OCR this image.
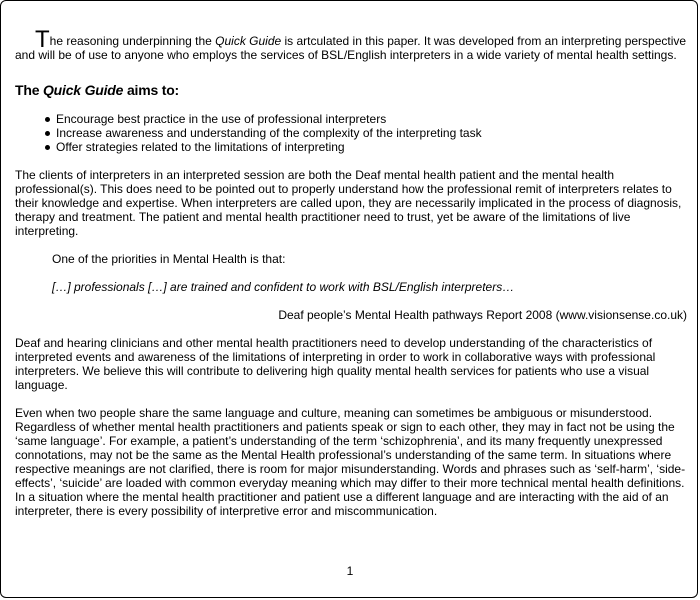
The reasoning underpinning the Quick Guide is artculated in this paper. It was developed from an interpreting perspective and will be of use to anyone who employs the services of BSL/English interpreters in a wide variety of mental health settings.

The Quick Guide aims to:
Encourage best practice in the use of professional interpreters
Increase awareness and understanding of the complexity of the interpreting task
Offer strategies related to the limitations of interpreting

The clients of interpreters in an interpreted session are both the Deaf mental health patient and the mental health professional(s). This does need to be pointed out to properly understand how the professional remit of interpreters relates to their knowledge and expertise. When interpreters are called upon, they are necessarily implicated in the process of diagnosis, therapy and treatment. The patient and mental health practitioner need to trust, yet be aware of the limitations of live interpreting.

One of the priorities in Mental Health is that:

[…] professionals […] are trained and confident to work with BSL/English interpreters…

Deaf people’s Mental Health pathways Report 2008 (www.visionsense.co.uk)

Deaf and hearing clinicians and other mental health practitioners need to develop understanding of the characteristics of interpreted events and awareness of the limitations of interpreting in order to work in collaborative ways with professional interpreters. We believe this will contribute to delivering high quality mental health services for patients who use a visual language.

Even when two people share the same language and culture, meaning can sometimes be ambiguous or misunderstood. Regardless of whether mental health practitioners and patients speak or sign to each other, they may in fact not be using the ‘same language’. For example, a patient’s understanding of the term ‘schizophrenia’, and its many frequently unexpressed connotations, may not be the same as the Mental Health professional’s understanding of the same term. In situations where respective meanings are not clarified, there is room for major misunderstanding. Words and phrases such as ‘self-harm’, ‘side-effects’, ‘suicide’ are loaded with common everyday meaning which may differ to their more technical mental health definitions. In a situation where the mental health practitioner and patient use a different language and are interacting with the aid of an interpreter, there is every possibility of interpretive error and miscommunication.

1
